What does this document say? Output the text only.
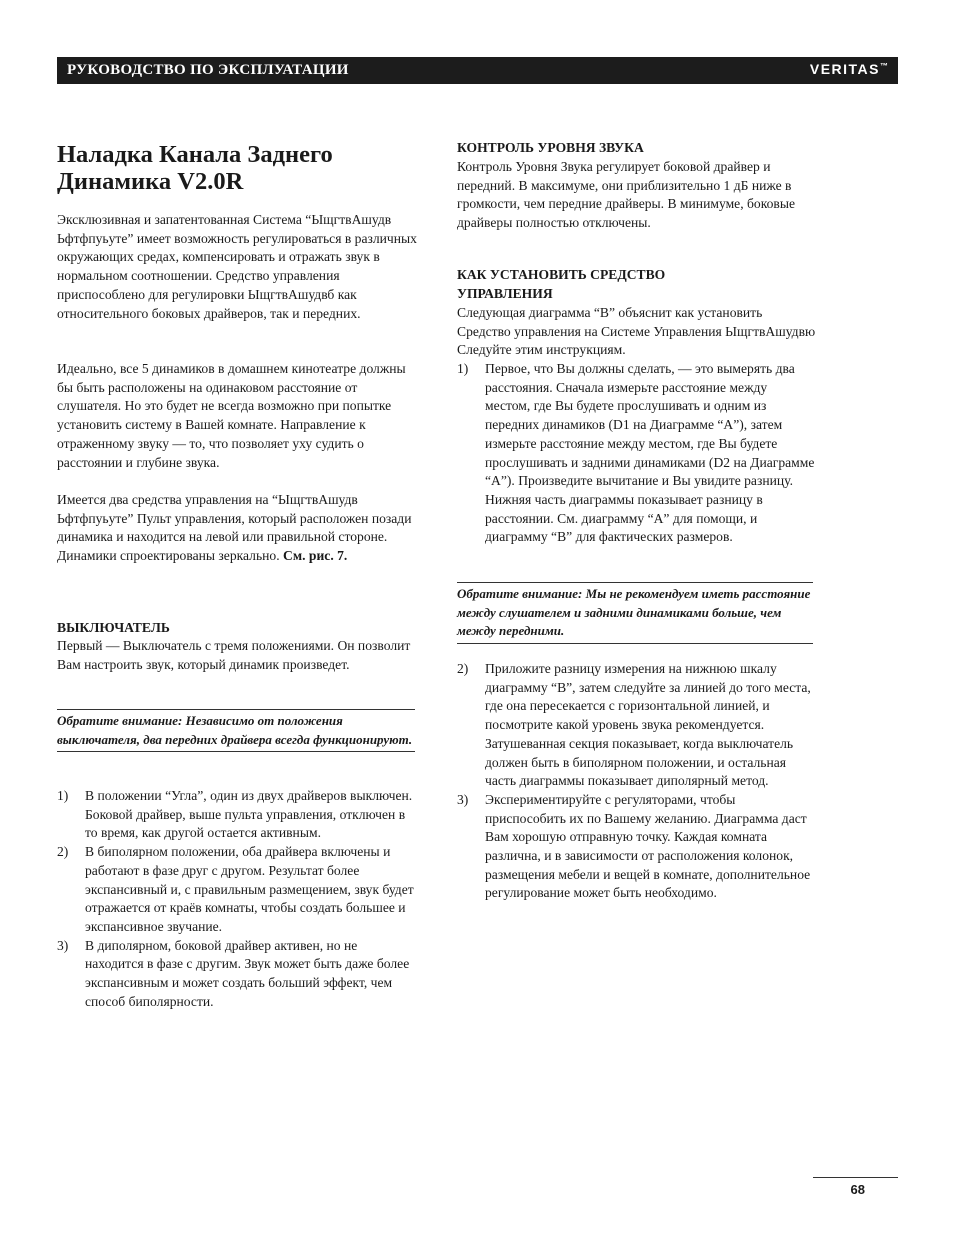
РУКОВОДСТВО ПО ЭКСПЛУАТАЦИИ	VERITAS™
Наладка Канала Заднего Динамика V2.0R

Эксклюзивная и запатентованная Система “ЫщгтвАшудв Ьфтфпуьуте” имеет возможность регулироваться в различных окружающих средах, компенсировать и отражать звук в нормальном соотношении. Средство управления приспособлено для регулировки ЫщгтвАшудвб как относительного боковых драйверов, так и передних.

Идеально, все 5 динамиков в домашнем кинотеатре должны бы быть расположены на одинаковом расстояние от слушателя. Но это будет не всегда возможно при попытке установить систему в Вашей комнате. Направление к отраженному звуку — то, что позволяет уху судить о расстоянии и глубине звука.

Имеется два средства управления на “ЫщгтвАшудв Ьфтфпуьуте” Пульт управления, который расположен позади динамика и находится на левой или правильной стороне. Динамики спроектированы зеркально. См. рис. 7.

ВЫКЛЮЧАТЕЛЬ

Первый — Выключатель с тремя положениями. Он позволит Вам настроить звук, который динамик произведет.

Обратите внимание: Независимо от положения выключателя, два передних драйвера всегда функционируют.
1) В положении “Угла”, один из двух драйверов выключен. Боковой драйвер, выше пульта управления, отключен в то время, как другой остается активным.
2) В биполярном положении, оба драйвера включены и работают в фазе друг с другом. Результат более экспансивный и, с правильным размещением, звук будет отражается от краёв комнаты, чтобы создать большее и экспансивное звучание.
3) В диполярном, боковой драйвер активен, но не находится в фазе с другим. Звук может быть даже более экспансивным и может создать больший эффект, чем способ биполярности.
КОНТРОЛЬ УРОВНЯ ЗВУКА

Контроль Уровня Звука регулирует боковой драйвер и передний. В максимуме, они приблизительно 1 дБ ниже в громкости, чем передние драйверы. В минимуме, боковые драйверы полностью отключены.

КАК УСТАНОВИТЬ СРЕДСТВО УПРАВЛЕНИЯ

Следующая диаграмма “B” объяснит как установить Средство управления на Системе Управления ЫщгтвАшудвю Следуйте этим инструкциям.

1) Первое, что Вы должны сделать, — это вымерять два расстояния. Сначала измерьте расстояние между местом, где Вы будете прослушивать и одним из передних динамиков (D1 на Диаграмме “A”), затем измерьте расстояние между местом, где Вы будете прослушивать и задними динамиками (D2 на Диаграмме “A”). Произведите вычитание и Вы увидите разницу. Нижняя часть диаграммы показывает разницу в расстоянии. См. диаграмму “A” для помощи, и диаграмму “B” для фактических размеров.
Обратите внимание: Мы не рекомендуем иметь расстояние между слушателем и задними динамиками больше, чем между передними.
2) Приложите разницу измерения на нижнюю шкалу диаграмму “B”, затем следуйте за линией до того места, где она пересекается с горизонтальной линией, и посмотрите какой уровень звука рекомендуется. Затушеванная секция показывает, когда выключатель должен быть в биполярном положении, и остальная часть диаграммы показывает диполярный метод.
3) Экспериментируйте с регуляторами, чтобы приспособить их по Вашему желанию. Диаграмма даст Вам хорошую отправную точку. Каждая комната различна, и в зависимости от расположения колонок, размещения мебели и вещей в комнате, дополнительное регулирование может быть необходимо.
68
